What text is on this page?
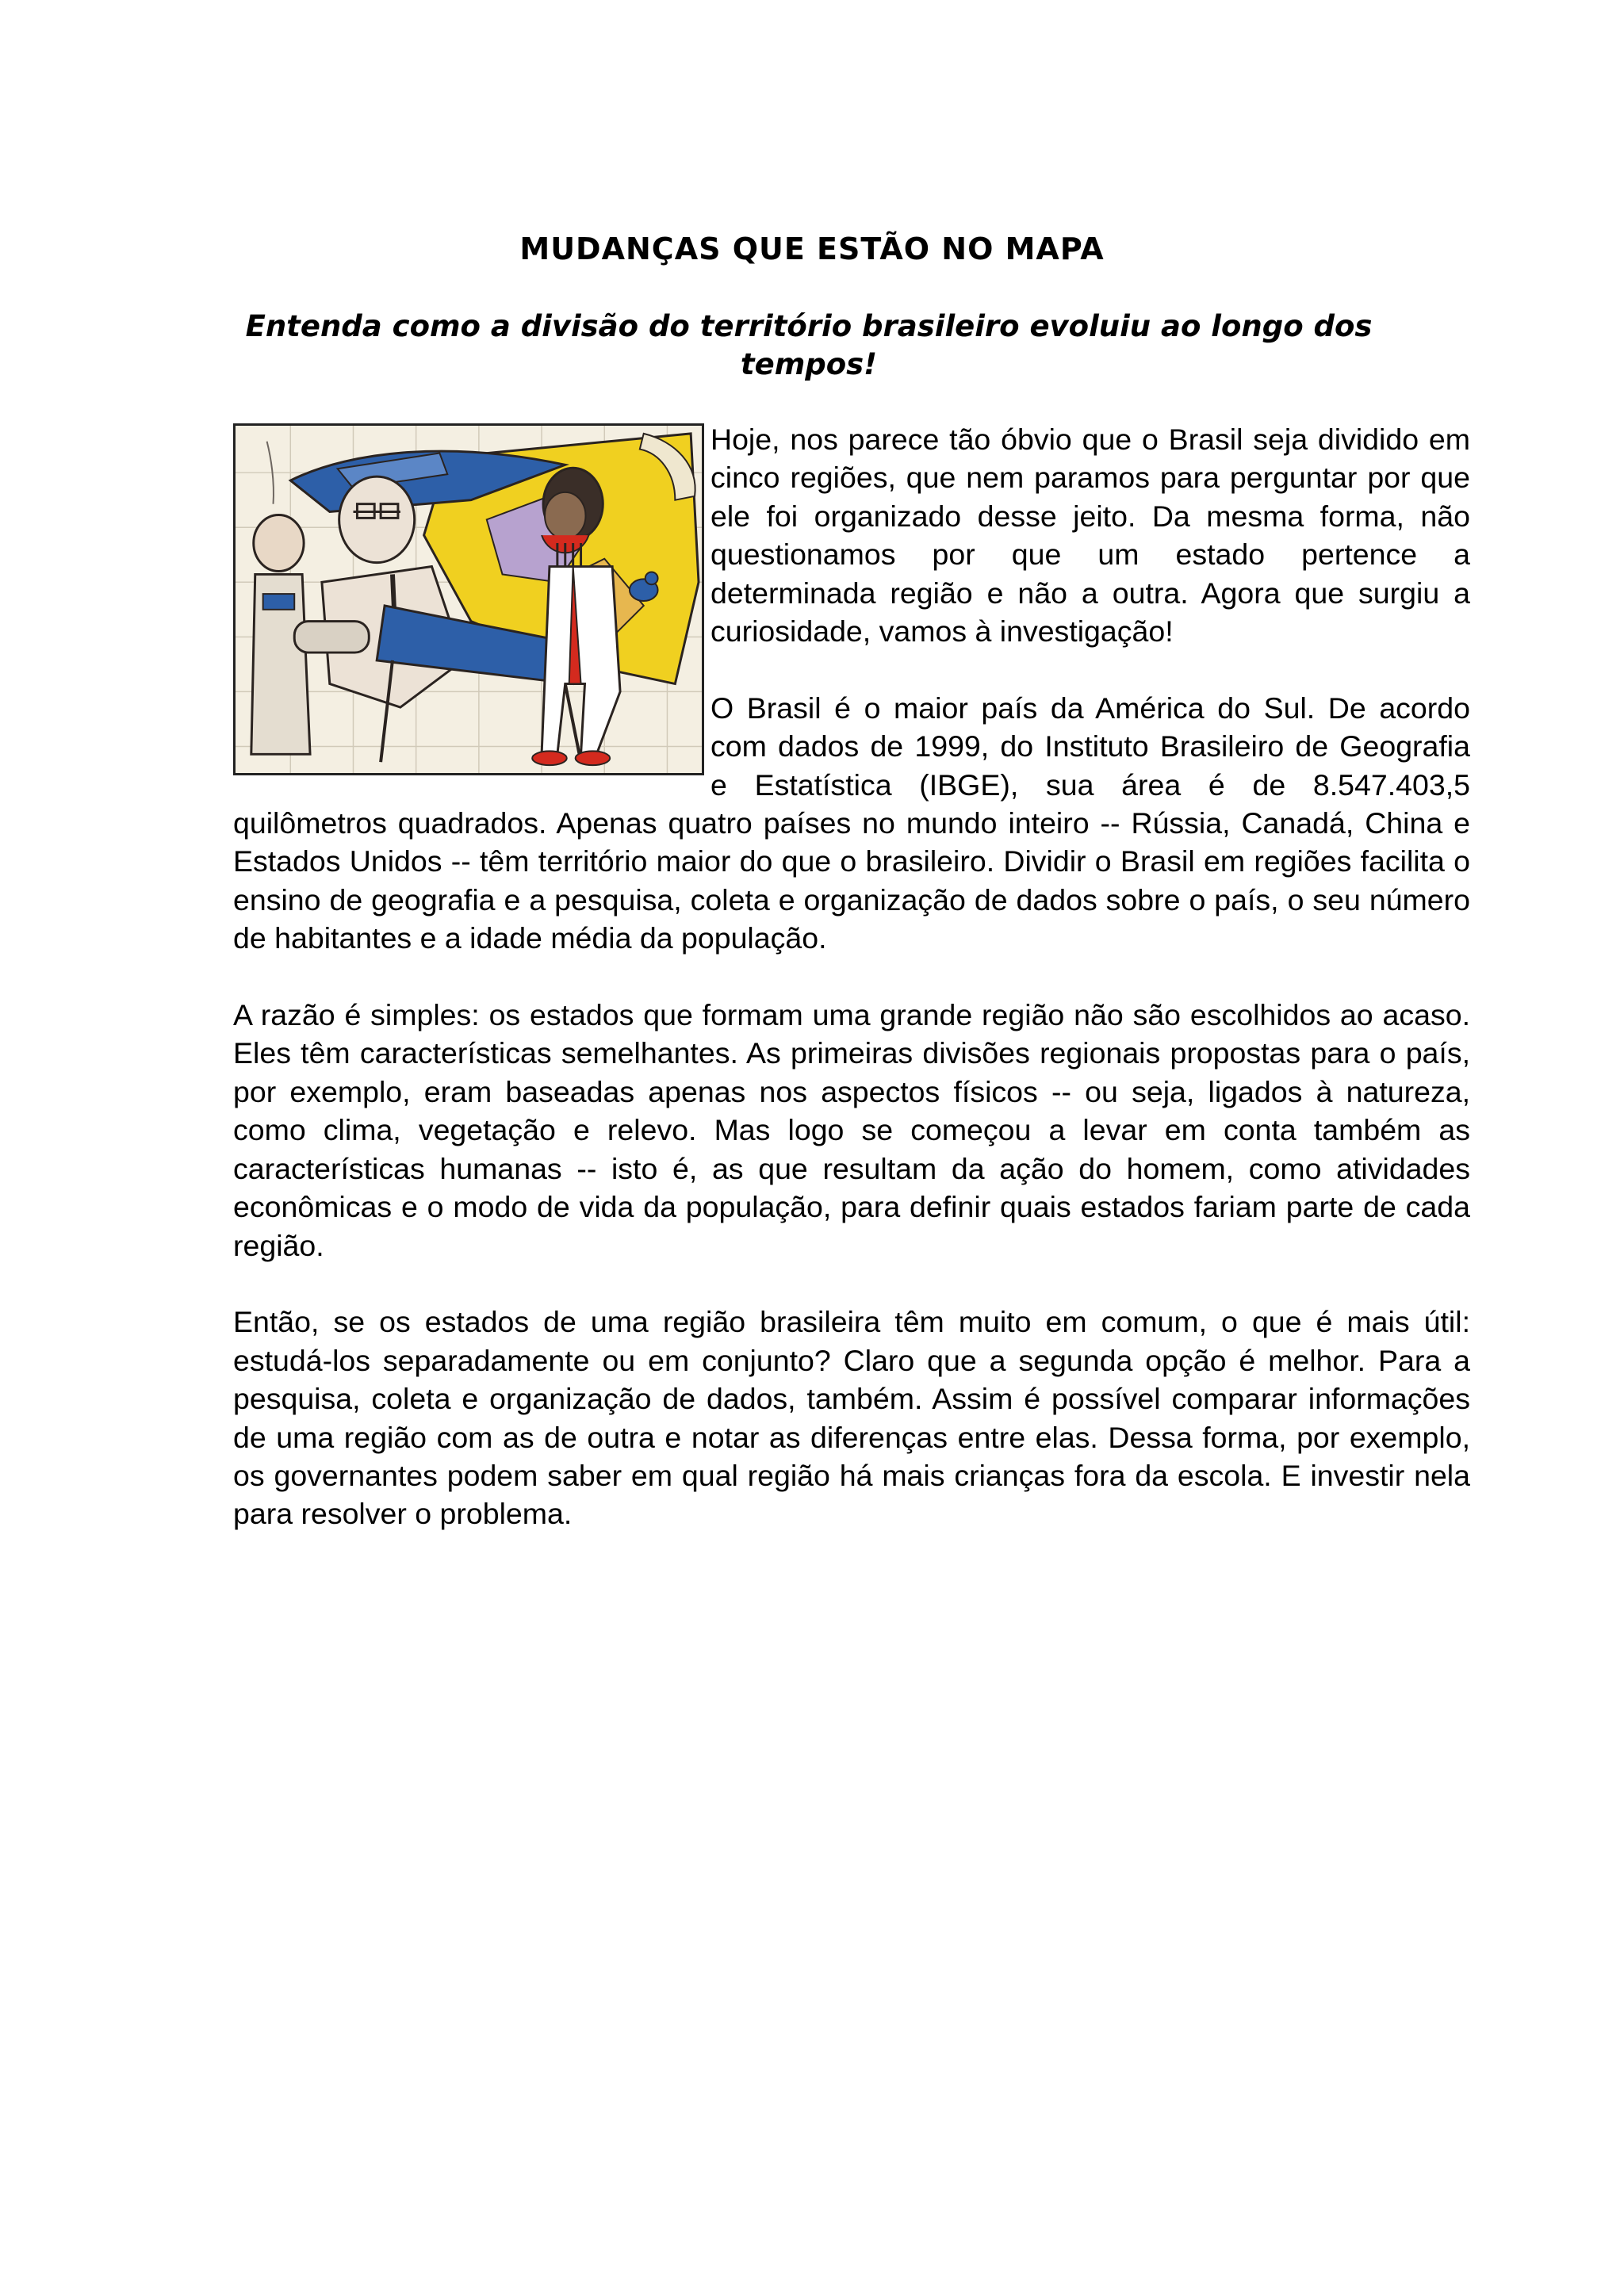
MUDANÇAS QUE ESTÃO NO MAPA
Entenda como a divisão do território brasileiro evoluiu ao longo dos tempos!

Hoje, nos parece tão óbvio que o Brasil seja dividido em cinco regiões, que nem paramos para perguntar por que ele foi organizado desse jeito. Da mesma forma, não questionamos por que um estado pertence a determinada região e não a outra. Agora que surgiu a curiosidade, vamos à investigação!

O Brasil é o maior país da América do Sul. De acordo com dados de 1999, do Instituto Brasileiro de Geografia e Estatística (IBGE), sua área é de 8.547.403,5 quilômetros quadrados. Apenas quatro países no mundo inteiro -- Rússia, Canadá, China e Estados Unidos -- têm território maior do que o brasileiro. Dividir o Brasil em regiões facilita o ensino de geografia e a pesquisa, coleta e organização de dados sobre o país, o seu número de habitantes e a idade média da população.

A razão é simples: os estados que formam uma grande região não são escolhidos ao acaso. Eles têm características semelhantes. As primeiras divisões regionais propostas para o país, por exemplo, eram baseadas apenas nos aspectos físicos -- ou seja, ligados à natureza, como clima, vegetação e relevo. Mas logo se começou a levar em conta também as características humanas -- isto é, as que resultam da ação do homem, como atividades econômicas e o modo de vida da população, para definir quais estados fariam parte de cada região.

Então, se os estados de uma região brasileira têm muito em comum, o que é mais útil: estudá-los separadamente ou em conjunto? Claro que a segunda opção é melhor. Para a pesquisa, coleta e organização de dados, também. Assim é possível comparar informações de uma região com as de outra e notar as diferenças entre elas. Dessa forma, por exemplo, os governantes podem saber em qual região há mais crianças fora da escola. E investir nela para resolver o problema.
